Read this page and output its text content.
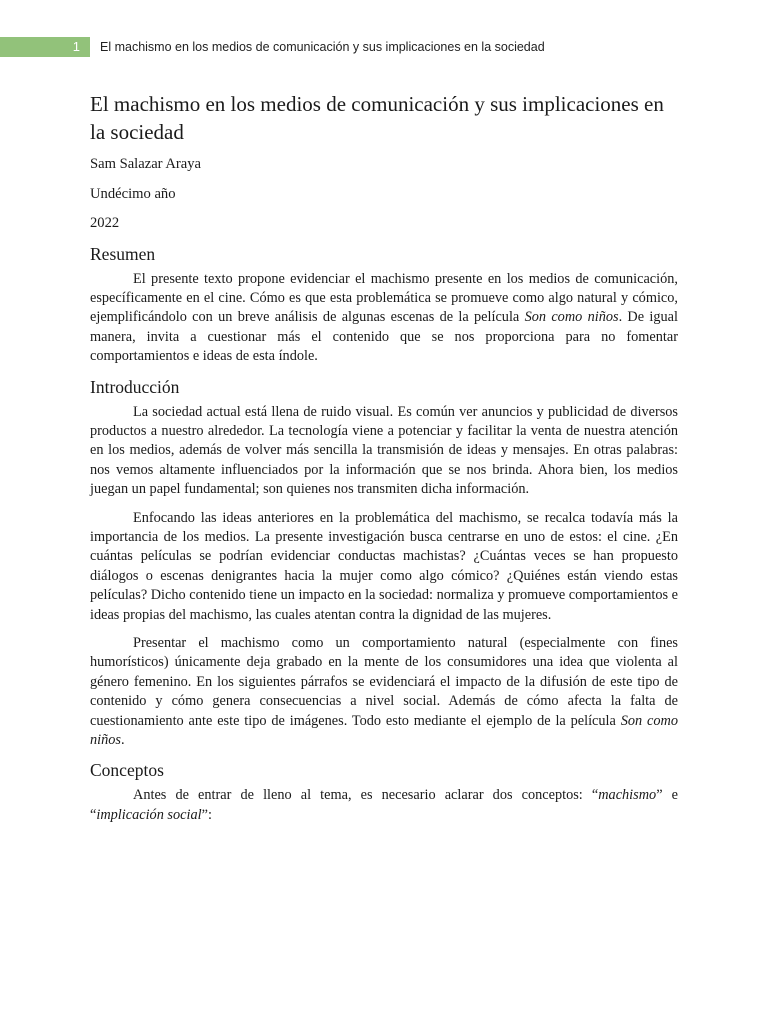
1	El machismo en los medios de comunicación y sus implicaciones en la sociedad
El machismo en los medios de comunicación y sus implicaciones en la sociedad

Sam Salazar Araya

Undécimo año

2022

Resumen

El presente texto propone evidenciar el machismo presente en los medios de comunicación, específicamente en el cine. Cómo es que esta problemática se promueve como algo natural y cómico, ejemplificándolo con un breve análisis de algunas escenas de la película Son como niños. De igual manera, invita a cuestionar más el contenido que se nos proporciona para no fomentar comportamientos e ideas de esta índole.

Introducción

La sociedad actual está llena de ruido visual. Es común ver anuncios y publicidad de diversos productos a nuestro alrededor. La tecnología viene a potenciar y facilitar la venta de nuestra atención en los medios, además de volver más sencilla la transmisión de ideas y mensajes. En otras palabras: nos vemos altamente influenciados por la información que se nos brinda. Ahora bien, los medios juegan un papel fundamental; son quienes nos transmiten dicha información.

Enfocando las ideas anteriores en la problemática del machismo, se recalca todavía más la importancia de los medios. La presente investigación busca centrarse en uno de estos: el cine. ¿En cuántas películas se podrían evidenciar conductas machistas? ¿Cuántas veces se han propuesto diálogos o escenas denigrantes hacia la mujer como algo cómico? ¿Quiénes están viendo estas películas? Dicho contenido tiene un impacto en la sociedad: normaliza y promueve comportamientos e ideas propias del machismo, las cuales atentan contra la dignidad de las mujeres.

Presentar el machismo como un comportamiento natural (especialmente con fines humorísticos) únicamente deja grabado en la mente de los consumidores una idea que violenta al género femenino. En los siguientes párrafos se evidenciará el impacto de la difusión de este tipo de contenido y cómo genera consecuencias a nivel social. Además de cómo afecta la falta de cuestionamiento ante este tipo de imágenes. Todo esto mediante el ejemplo de la película Son como niños.

Conceptos

Antes de entrar de lleno al tema, es necesario aclarar dos conceptos: “machismo” e “implicación social”:
